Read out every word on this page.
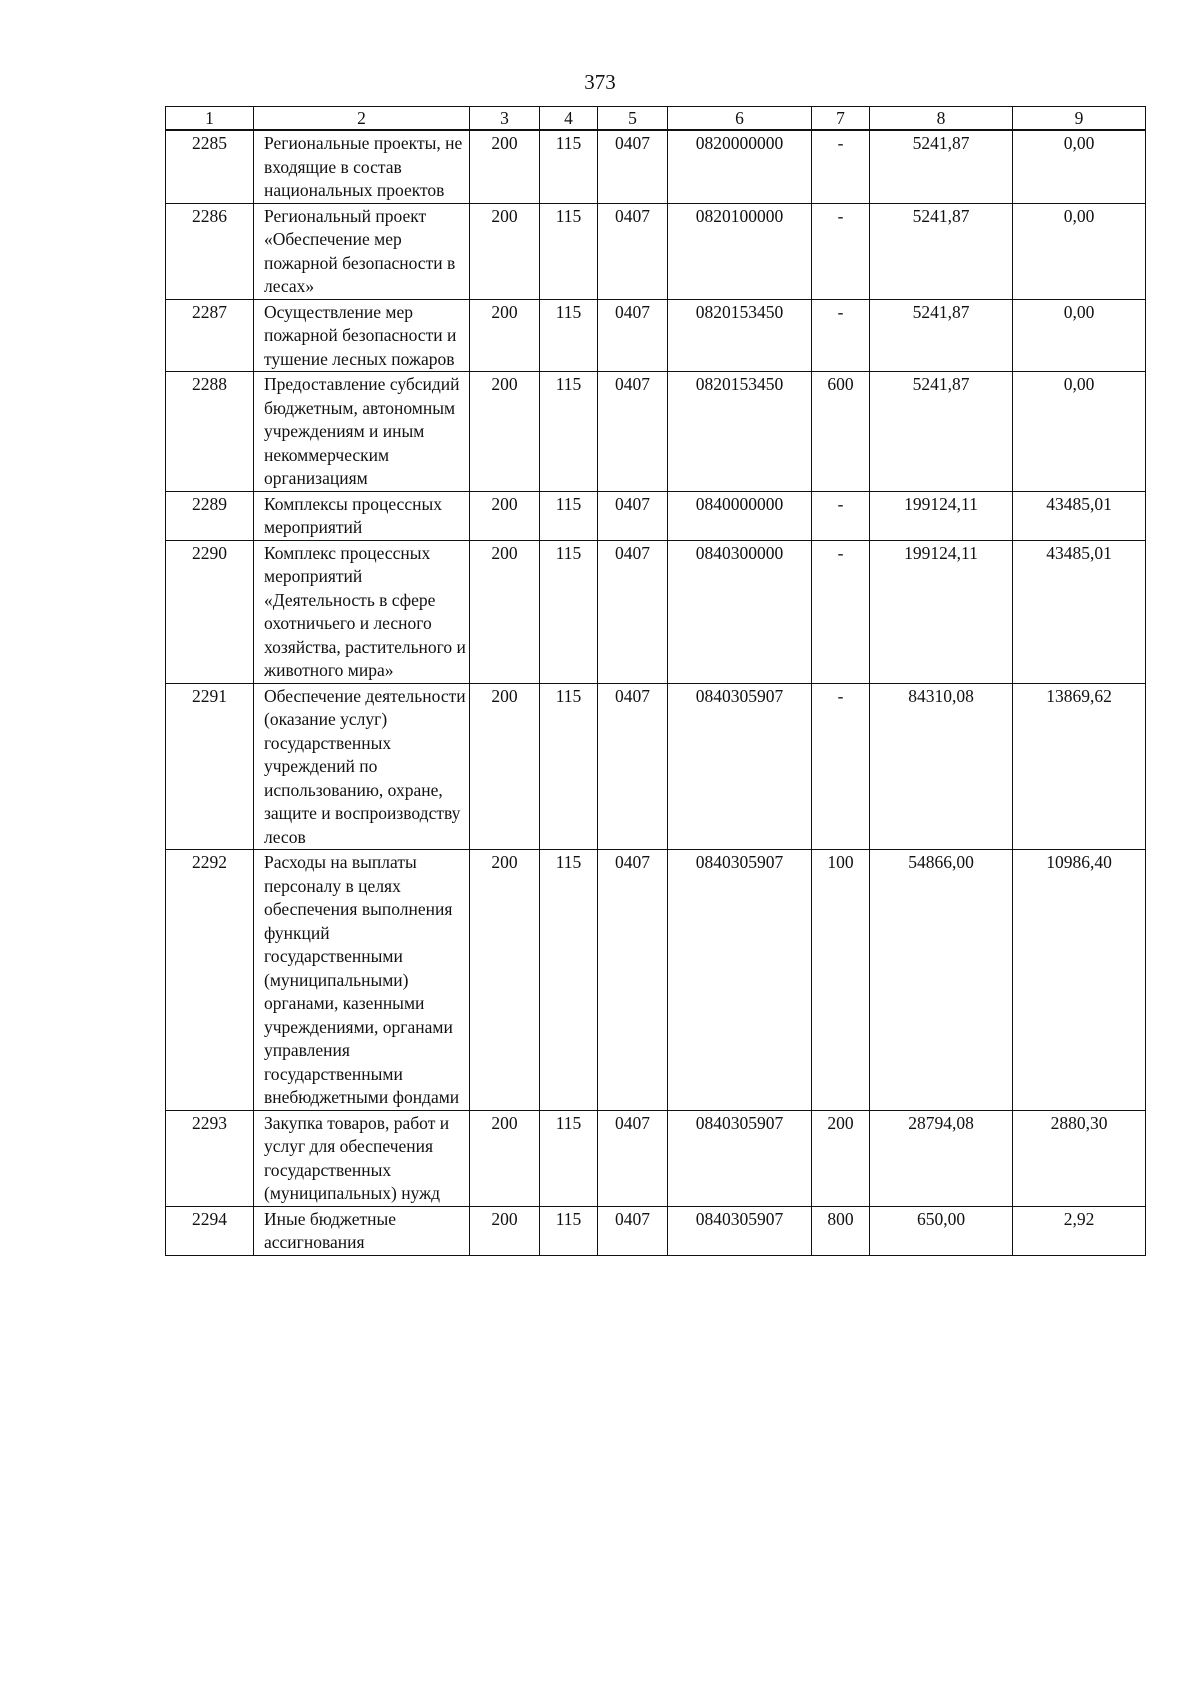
373
1	2	3	4	5	6	7	8	9
2285	Региональные проекты, не входящие в состав национальных проектов	200	115	0407	0820000000	-	5241,87	0,00
2286	Региональный проект «Обеспечение мер пожарной безопасности в лесах»	200	115	0407	0820100000	-	5241,87	0,00
2287	Осуществление мер пожарной безопасности и тушение лесных пожаров	200	115	0407	0820153450	-	5241,87	0,00
2288	Предоставление субсидий бюджетным, автономным учреждениям и иным некоммерческим организациям	200	115	0407	0820153450	600	5241,87	0,00
2289	Комплексы процессных мероприятий	200	115	0407	0840000000	-	199124,11	43485,01
2290	Комплекс процессных мероприятий «Деятельность в сфере охотничьего и лесного хозяйства, растительного и животного мира»	200	115	0407	0840300000	-	199124,11	43485,01
2291	Обеспечение деятельности (оказание услуг) государственных учреждений по использованию, охране, защите и воспроизводству лесов	200	115	0407	0840305907	-	84310,08	13869,62
2292	Расходы на выплаты персоналу в целях обеспечения выполнения функций государственными (муниципальными) органами, казенными учреждениями, органами управления государственными внебюджетными фондами	200	115	0407	0840305907	100	54866,00	10986,40
2293	Закупка товаров, работ и услуг для обеспечения государственных (муниципальных) нужд	200	115	0407	0840305907	200	28794,08	2880,30
2294	Иные бюджетные ассигнования	200	115	0407	0840305907	800	650,00	2,92
